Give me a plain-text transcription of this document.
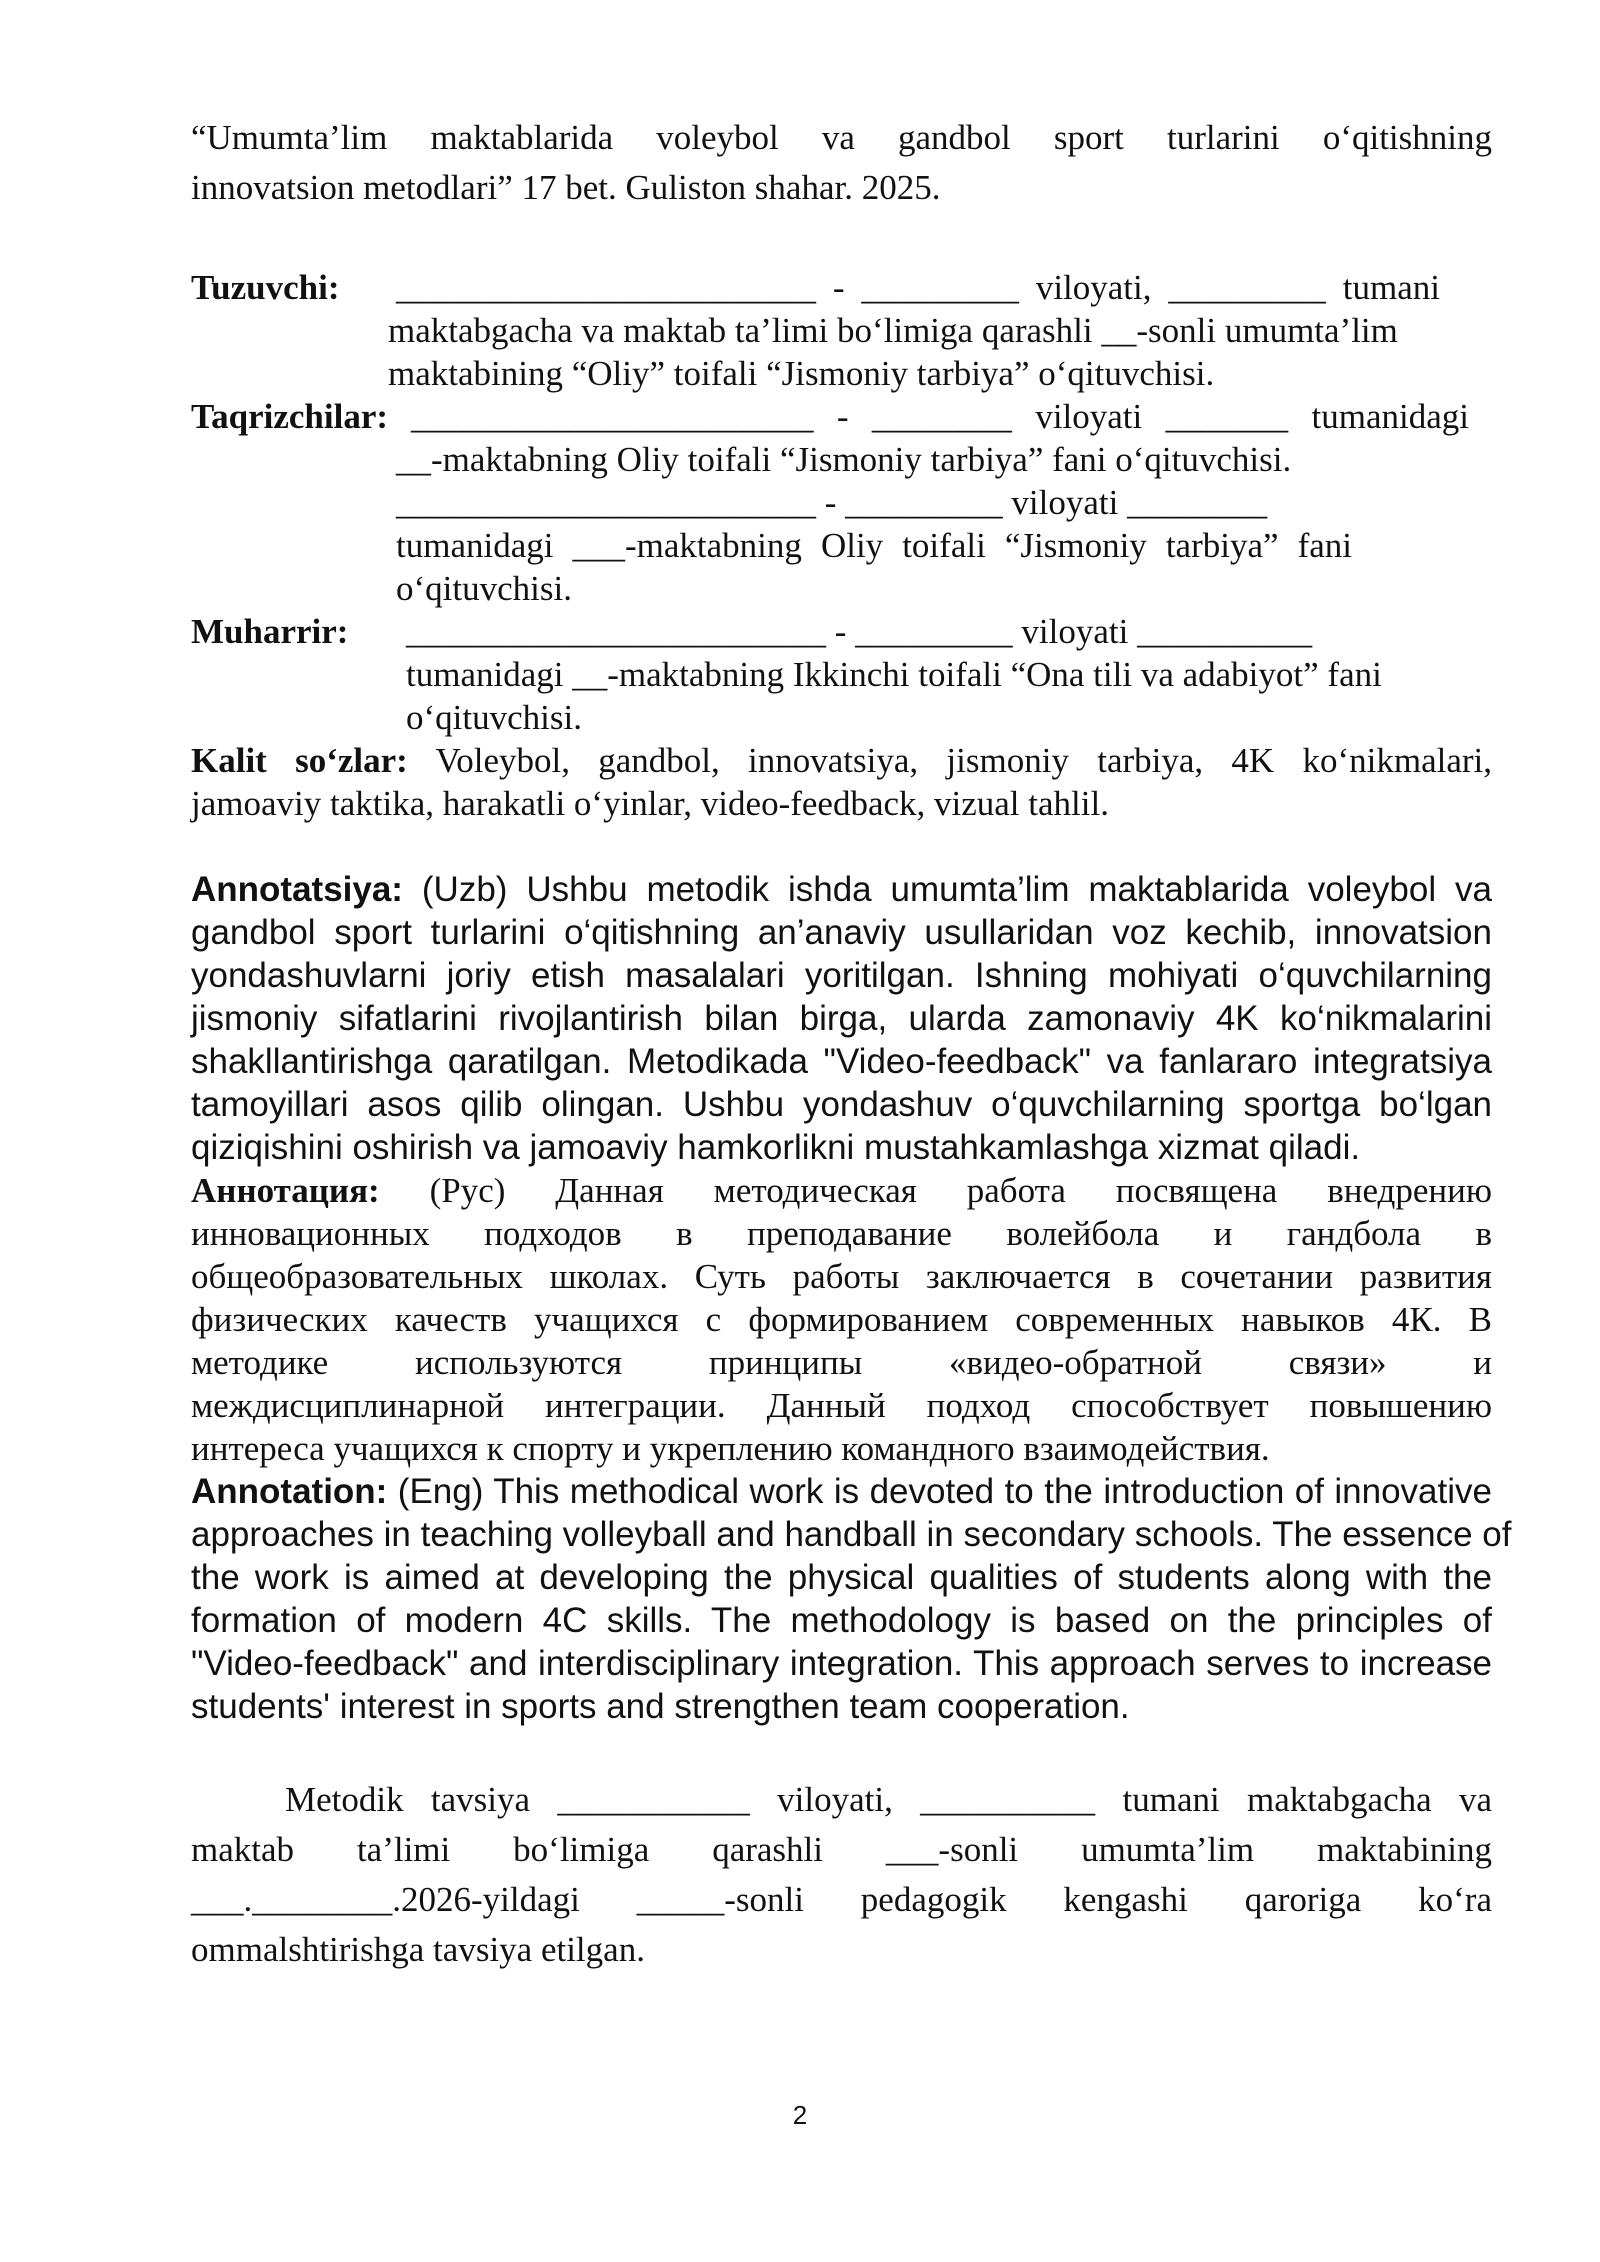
“Umumta’lim maktablarida voleybol va gandbol sport turlarini o‘qitishning
innovatsion metodlari” 17 bet. Guliston shahar. 2025.
Tuzuvchi: ________________________ - _________ viloyati, _________ tumani
maktabgacha va maktab ta’limi bo‘limiga qarashli __-sonli umumta’lim
maktabining “Oliy” toifali “Jismoniy tarbiya” o‘qituvchisi.
Taqrizchilar: _______________________ - ________ viloyati _______ tumanidagi
__-maktabning Oliy toifali “Jismoniy tarbiya” fani o‘qituvchisi.
________________________ - _________ viloyati ________
tumanidagi ___-maktabning Oliy toifali “Jismoniy tarbiya” fani
o‘qituvchisi.
Muharrir: ________________________ - _________ viloyati __________
tumanidagi __-maktabning Ikkinchi toifali “Ona tili va adabiyot” fani
o‘qituvchisi.
Kalit so‘zlar: Voleybol, gandbol, innovatsiya, jismoniy tarbiya, 4K ko‘nikmalari,
jamoaviy taktika, harakatli o‘yinlar, video-feedback, vizual tahlil.
Annotatsiya: (Uzb) Ushbu metodik ishda umumta’lim maktablarida voleybol va
gandbol sport turlarini o‘qitishning an’anaviy usullaridan voz kechib, innovatsion
yondashuvlarni joriy etish masalalari yoritilgan. Ishning mohiyati o‘quvchilarning
jismoniy sifatlarini rivojlantirish bilan birga, ularda zamonaviy 4K ko‘nikmalarini
shakllantirishga qaratilgan. Metodikada "Video-feedback" va fanlararo integratsiya
tamoyillari asos qilib olingan. Ushbu yondashuv o‘quvchilarning sportga bo‘lgan
qiziqishini oshirish va jamoaviy hamkorlikni mustahkamlashga xizmat qiladi.
Аннотация: (Рус) Данная методическая работа посвящена внедрению
инновационных подходов в преподавание волейбола и гандбола в
общеобразовательных школах. Суть работы заключается в сочетании развития
физических качеств учащихся с формированием современных навыков 4К. В
методике используются принципы «видео-обратной связи» и
междисциплинарной интеграции. Данный подход способствует повышению
интереса учащихся к спорту и укреплению командного взаимодействия.
Annotation: (Eng) This methodical work is devoted to the introduction of innovative
approaches in teaching volleyball and handball in secondary schools. The essence of
the work is aimed at developing the physical qualities of students along with the
formation of modern 4C skills. The methodology is based on the principles of
"Video-feedback" and interdisciplinary integration. This approach serves to increase
students' interest in sports and strengthen team cooperation.
Metodik tavsiya ___________ viloyati, __________ tumani maktabgacha va
maktab ta’limi bo‘limiga qarashli ___-sonli umumta’lim maktabining
___.________.2026-yildagi _____-sonli pedagogik kengashi qaroriga ko‘ra
ommalshtirishga tavsiya etilgan.
2
